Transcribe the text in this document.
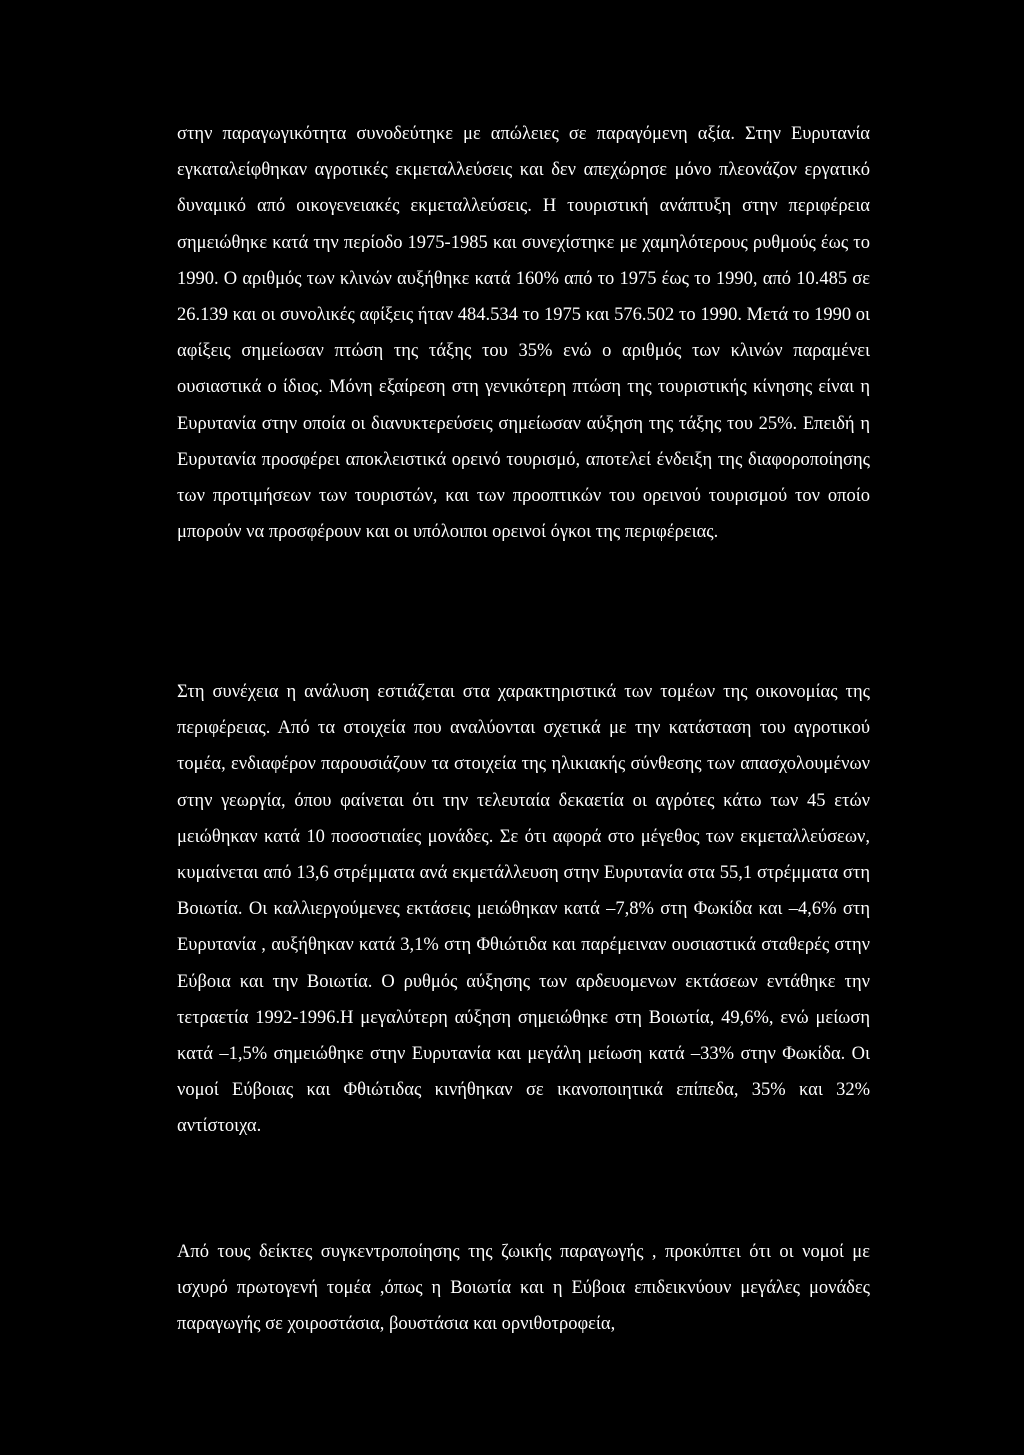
στην παραγωγικότητα συνοδεύτηκε με απώλειες σε παραγόμενη αξία. Στην Ευρυτανία εγκαταλείφθηκαν αγροτικές εκμεταλλεύσεις και δεν απεχώρησε μόνο πλεονάζον εργατικό δυναμικό από οικογενειακές εκμεταλλεύσεις. Η τουριστική ανάπτυξη στην περιφέρεια σημειώθηκε κατά την περίοδο 1975-1985 και συνεχίστηκε με χαμηλότερους ρυθμούς έως το 1990. Ο αριθμός των κλινών αυξήθηκε κατά 160% από το 1975 έως το 1990, από 10.485 σε 26.139 και οι συνολικές αφίξεις ήταν 484.534 το 1975 και 576.502 το 1990. Μετά το 1990 οι αφίξεις σημείωσαν πτώση της τάξης του 35% ενώ ο αριθμός των κλινών παραμένει ουσιαστικά ο ίδιος. Μόνη εξαίρεση στη γενικότερη πτώση της τουριστικής κίνησης είναι η Ευρυτανία στην οποία οι διανυκτερεύσεις σημείωσαν αύξηση της τάξης του 25%. Επειδή η Ευρυτανία προσφέρει αποκλειστικά ορεινό τουρισμό, αποτελεί ένδειξη της διαφοροποίησης των προτιμήσεων των τουριστών, και των προοπτικών του ορεινού τουρισμού τον οποίο μπορούν να προσφέρουν και οι υπόλοιποι ορεινοί όγκοι της περιφέρειας.

Στη συνέχεια η ανάλυση εστιάζεται στα χαρακτηριστικά των τομέων της οικονομίας της περιφέρειας. Από τα στοιχεία που αναλύονται σχετικά με την κατάσταση του αγροτικού τομέα, ενδιαφέρον παρουσιάζουν τα στοιχεία της ηλικιακής σύνθεσης των απασχολουμένων στην γεωργία, όπου φαίνεται ότι την τελευταία δεκαετία οι αγρότες κάτω των 45 ετών μειώθηκαν κατά 10 ποσοστιαίες μονάδες. Σε ότι αφορά στο μέγεθος των εκμεταλλεύσεων, κυμαίνεται από 13,6 στρέμματα ανά εκμετάλλευση στην Ευρυτανία στα 55,1 στρέμματα στη Βοιωτία. Οι καλλιεργούμενες εκτάσεις μειώθηκαν κατά –7,8% στη Φωκίδα και –4,6% στη Ευρυτανία , αυξήθηκαν κατά 3,1% στη Φθιώτιδα και παρέμειναν ουσιαστικά σταθερές στην Εύβοια και την Βοιωτία. Ο ρυθμός αύξησης των αρδευομενων εκτάσεων εντάθηκε την τετραετία 1992-1996.Η μεγαλύτερη αύξηση σημειώθηκε στη Βοιωτία, 49,6%, ενώ μείωση κατά –1,5% σημειώθηκε στην Ευρυτανία και μεγάλη μείωση κατά –33% στην Φωκίδα. Οι νομοί Εύβοιας και Φθιώτιδας κινήθηκαν σε ικανοποιητικά επίπεδα, 35% και 32% αντίστοιχα.

Από τους δείκτες συγκεντροποίησης της ζωικής παραγωγής , προκύπτει ότι οι νομοί με ισχυρό πρωτογενή τομέα ,όπως η Βοιωτία και η Εύβοια επιδεικνύουν μεγάλες μονάδες παραγωγής σε χοιροστάσια, βουστάσια και ορνιθοτροφεία,
